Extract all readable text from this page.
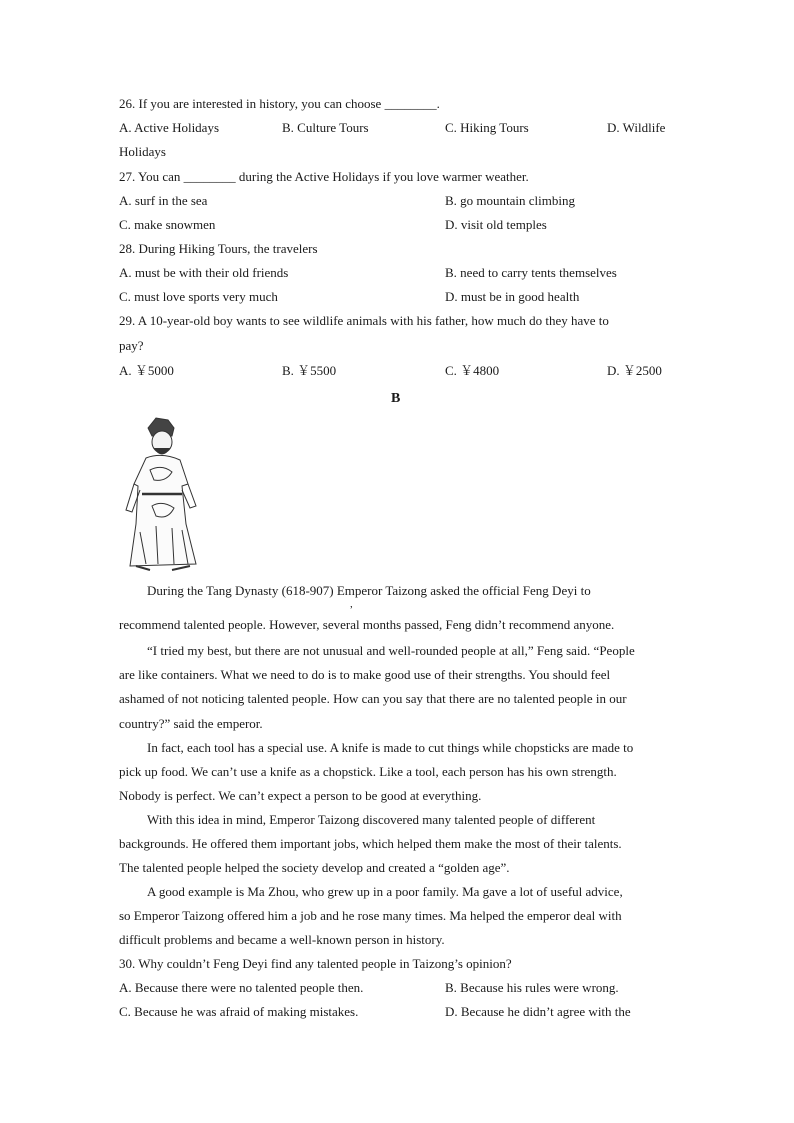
26. If you are interested in history, you can choose ________.
A. Active Holidays	B. Culture Tours	C. Hiking Tours	D. Wildlife
Holidays
27. You can ________ during the Active Holidays if you love warmer weather.
A. surf in the sea	B. go mountain climbing
C. make snowmen	D. visit old temples
28. During Hiking Tours, the travelers
A. must be with their old friends	B. need to carry tents themselves
C. must love sports very much	D. must be in good health
29. A 10-year-old boy wants to see wildlife animals with his father, how much do they have to
pay?
A. ￥5000	B. ￥5500	C. ￥4800	D. ￥2500
B
During the Tang Dynasty (618-907) Emperor Taizong asked the official Feng Deyi to
recommend talented people. However, several months passed, Feng didn’t recommend anyone.
,
“I tried my best, but there are not unusual and well-rounded people at all,” Feng said. “People
are like containers. What we need to do is to make good use of their strengths. You should feel
ashamed of not noticing talented people. How can you say that there are no talented people in our
country?” said the emperor.
In fact, each tool has a special use. A knife is made to cut things while chopsticks are made to
pick up food. We can’t use a knife as a chopstick. Like a tool, each person has his own strength.
Nobody is perfect. We can’t expect a person to be good at everything.
With this idea in mind, Emperor Taizong discovered many talented people of different
backgrounds. He offered them important jobs, which helped them make the most of their talents.
The talented people helped the society develop and created a “golden age”.
A good example is Ma Zhou, who grew up in a poor family. Ma gave a lot of useful advice,
so Emperor Taizong offered him a job and he rose many times. Ma helped the emperor deal with
difficult problems and became a well-known person in history.
30. Why couldn’t Feng Deyi find any talented people in Taizong’s opinion?
A. Because there were no talented people then.	B. Because his rules were wrong.
C. Because he was afraid of making mistakes.	D. Because he didn’t agree with the
